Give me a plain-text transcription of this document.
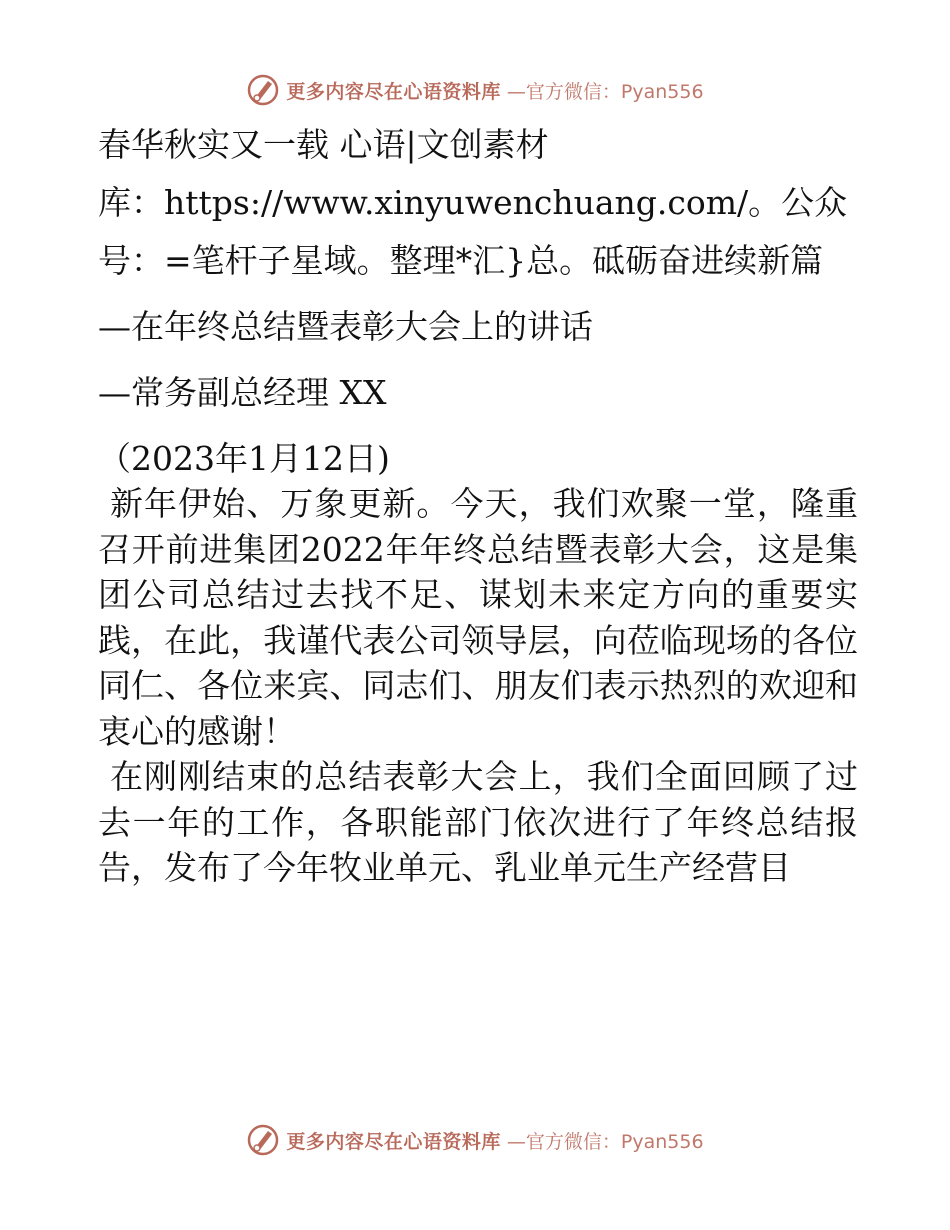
更多内容尽在心语资料库 —官方微信：Pyan556

春华秋实又一载 心语|文创素材

库：https://www.xinyuwenchuang.com/。公众

号：=笔杆子星域。整理*汇}总。砥砺奋进续新篇

—在年终总结暨表彰大会上的讲话

—常务副总经理 XX

（2023年1月12日)

新年伊始、万象更新。今天，我们欢聚一堂，隆重召开前进集团2022年年终总结暨表彰大会，这是集团公司总结过去找不足、谋划未来定方向的重要实践，在此，我谨代表公司领导层，向莅临现场的各位同仁、各位来宾、同志们、朋友们表示热烈的欢迎和衷心的感谢！

在刚刚结束的总结表彰大会上，我们全面回顾了过去一年的工作，各职能部门依次进行了年终总结报告，发布了今年牧业单元、乳业单元生产经营目

更多内容尽在心语资料库 —官方微信：Pyan556
